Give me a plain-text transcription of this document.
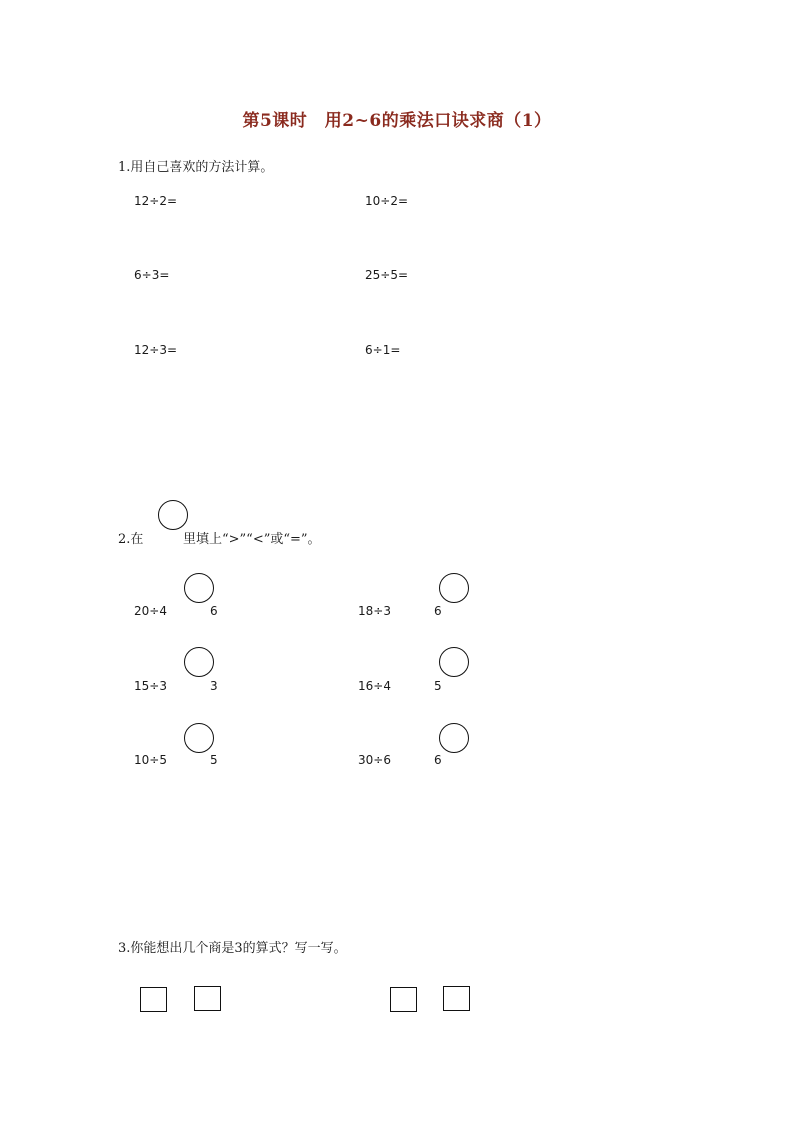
第5课时　用2~6的乘法口诀求商（1）
1.用自己喜欢的方法计算。
12÷2=	10÷2=
6÷3=	25÷5=
12÷3=	6÷1=
2.在	里填上“>”“<”或“=”。
20÷4	6	18÷3	6
15÷3	3	16÷4	5
10÷5	5	30÷6	6
3.你能想出几个商是3的算式？写一写。
